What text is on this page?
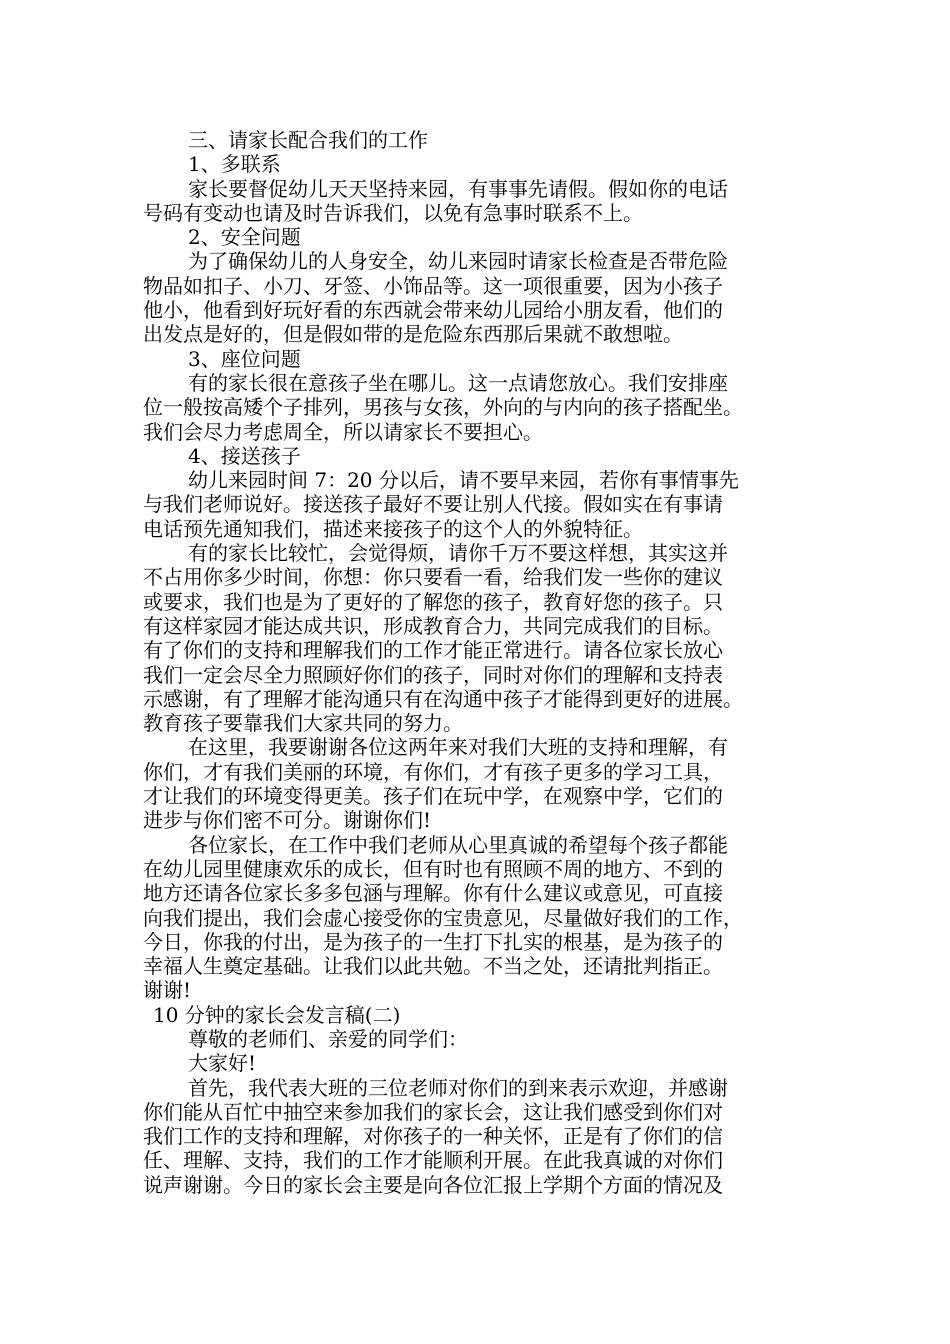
三、请家长配合我们的工作
1、多联系
家长要督促幼儿天天坚持来园，有事事先请假。假如你的电话
号码有变动也请及时告诉我们，以免有急事时联系不上。
2、安全问题
为了确保幼儿的人身安全，幼儿来园时请家长检查是否带危险
物品如扣子、小刀、牙签、小饰品等。这一项很重要，因为小孩子
他小，他看到好玩好看的东西就会带来幼儿园给小朋友看，他们的
出发点是好的，但是假如带的是危险东西那后果就不敢想啦。
3、座位问题
有的家长很在意孩子坐在哪儿。这一点请您放心。我们安排座
位一般按高矮个子排列，男孩与女孩，外向的与内向的孩子搭配坐。
我们会尽力考虑周全，所以请家长不要担心。
4、接送孩子
幼儿来园时间 7：20 分以后，请不要早来园，若你有事情事先
与我们老师说好。接送孩子最好不要让别人代接。假如实在有事请
电话预先通知我们，描述来接孩子的这个人的外貌特征。
有的家长比较忙，会觉得烦，请你千万不要这样想，其实这并
不占用你多少时间，你想：你只要看一看，给我们发一些你的建议
或要求，我们也是为了更好的了解您的孩子，教育好您的孩子。只
有这样家园才能达成共识，形成教育合力，共同完成我们的目标。
有了你们的支持和理解我们的工作才能正常进行。请各位家长放心
我们一定会尽全力照顾好你们的孩子，同时对你们的理解和支持表
示感谢，有了理解才能沟通只有在沟通中孩子才能得到更好的进展。
教育孩子要靠我们大家共同的努力。
在这里，我要谢谢各位这两年来对我们大班的支持和理解，有
你们，才有我们美丽的环境，有你们，才有孩子更多的学习工具，
才让我们的环境变得更美。孩子们在玩中学，在观察中学，它们的
进步与你们密不可分。谢谢你们!
各位家长，在工作中我们老师从心里真诚的希望每个孩子都能
在幼儿园里健康欢乐的成长，但有时也有照顾不周的地方、不到的
地方还请各位家长多多包涵与理解。你有什么建议或意见，可直接
向我们提出，我们会虚心接受你的宝贵意见，尽量做好我们的工作，
今日，你我的付出，是为孩子的一生打下扎实的根基，是为孩子的
幸福人生奠定基础。让我们以此共勉。不当之处，还请批判指正。
谢谢!
10 分钟的家长会发言稿(二)
尊敬的老师们、亲爱的同学们：
大家好!
首先，我代表大班的三位老师对你们的到来表示欢迎，并感谢
你们能从百忙中抽空来参加我们的家长会，这让我们感受到你们对
我们工作的支持和理解，对你孩子的一种关怀，正是有了你们的信
任、理解、支持，我们的工作才能顺利开展。在此我真诚的对你们
说声谢谢。今日的家长会主要是向各位汇报上学期个方面的情况及
